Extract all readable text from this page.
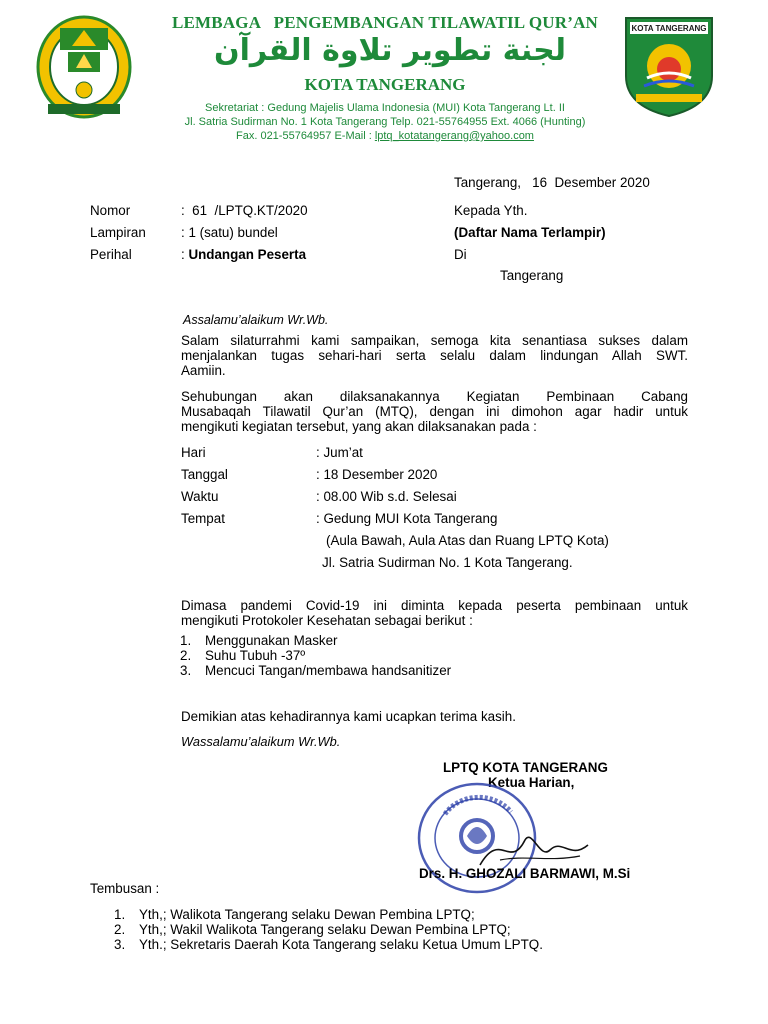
KOTA TANGERANG
LEMBAGA   PENGEMBANGAN TILAWATIL QUR’AN
لجنة تطوير تلاوة القرآن
KOTA TANGERANG
Sekretariat : Gedung Majelis Ulama Indonesia (MUI) Kota Tangerang Lt. II
Jl. Satria Sudirman No. 1 Kota Tangerang Telp. 021-55764955 Ext. 4066 (Hunting)
Fax. 021-55764957 E-Mail : lptq_kotatangerang@yahoo.com
Tangerang,   16  Desember 2020
Nomor	:  61  /LPTQ.KT/2020
Lampiran	: 1 (satu) bundel
Perihal	: Undangan Peserta
Kepada Yth.
(Daftar Nama Terlampir)
Di
Tangerang
Assalamu’alaikum Wr.Wb.
Salam silaturrahmi kami sampaikan, semoga kita senantiasa sukses dalam
menjalankan tugas sehari-hari serta selalu dalam lindungan Allah SWT.
Aamiin.
Sehubungan akan dilaksanakannya Kegiatan Pembinaan Cabang
Musabaqah Tilawatil Qur’an (MTQ), dengan ini dimohon agar hadir untuk
mengikuti kegiatan tersebut, yang akan dilaksanakan pada :
Hari	: Jum’at
Tanggal	: 18 Desember 2020
Waktu	: 08.00 Wib s.d. Selesai
Tempat	: Gedung MUI Kota Tangerang
(Aula Bawah, Aula Atas dan Ruang LPTQ Kota)
Jl. Satria Sudirman No. 1 Kota Tangerang.
Dimasa pandemi Covid-19 ini diminta kepada peserta pembinaan untuk
mengikuti Protokoler Kesehatan sebagai berikut :
1. Menggunakan Masker
2. Suhu Tubuh -37º
3. Mencuci Tangan/membawa handsanitizer
Demikian atas kehadirannya kami ucapkan terima kasih.
Wassalamu’alaikum Wr.Wb.
LPTQ KOTA TANGERANG
Ketua Harian,
Drs. H. GHOZALI BARMAWI, M.Si
Tembusan :
1. Yth,; Walikota Tangerang selaku Dewan Pembina LPTQ;
2. Yth,; Wakil Walikota Tangerang selaku Dewan Pembina LPTQ;
3. Yth.; Sekretaris Daerah Kota Tangerang selaku Ketua Umum LPTQ.
